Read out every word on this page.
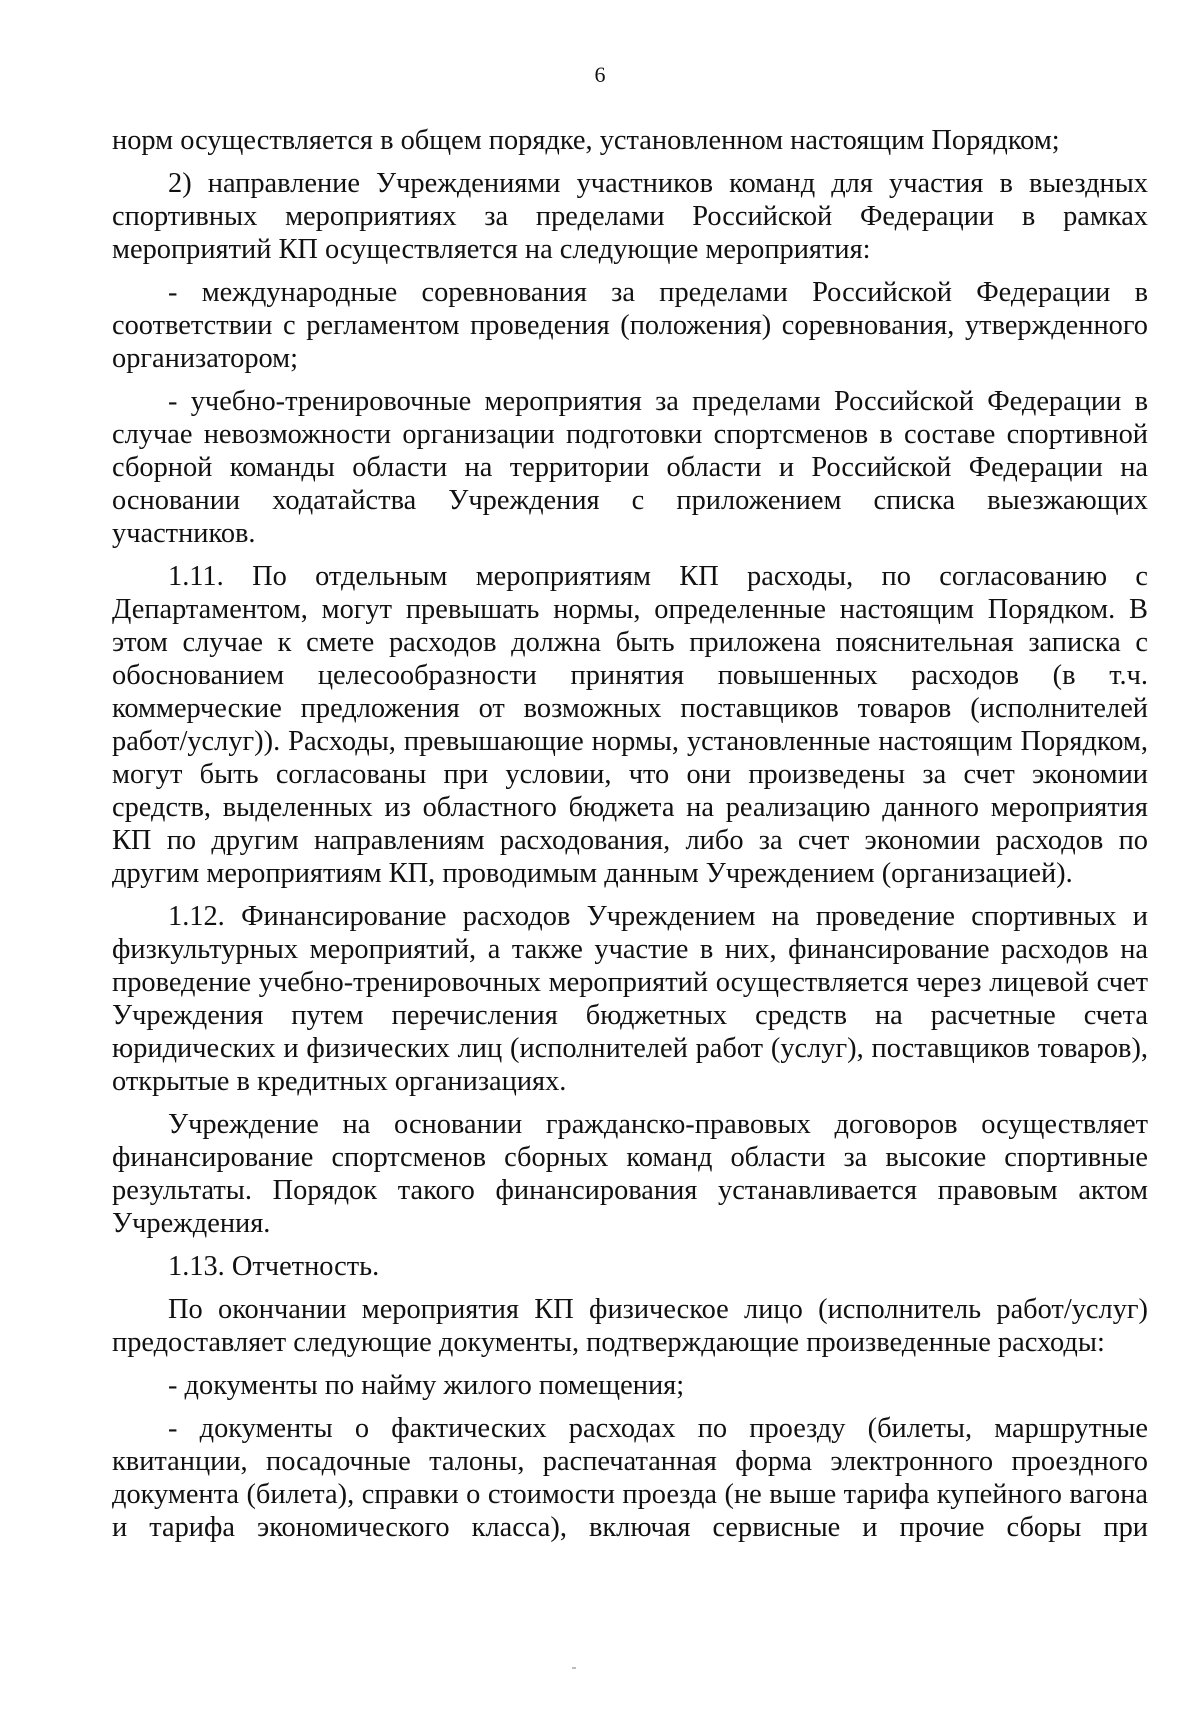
6

норм осуществляется в общем порядке, установленном настоящим Порядком;

2) направление Учреждениями участников команд для участия в выездных спортивных мероприятиях за пределами Российской Федерации в рамках мероприятий КП осуществляется на следующие мероприятия:

- международные соревнования за пределами Российской Федерации в соответствии с регламентом проведения (положения) соревнования, утвержденного организатором;

- учебно-тренировочные мероприятия за пределами Российской Федерации в случае невозможности организации подготовки спортсменов в составе спортивной сборной команды области на территории области и Российской Федерации на основании ходатайства Учреждения с приложением списка выезжающих участников.

1.11. По отдельным мероприятиям КП расходы, по согласованию с Департаментом, могут превышать нормы, определенные настоящим Порядком. В этом случае к смете расходов должна быть приложена пояснительная записка с обоснованием целесообразности принятия повышенных расходов (в т.ч. коммерческие предложения от возможных поставщиков товаров (исполнителей работ/услуг)). Расходы, превышающие нормы, установленные настоящим Порядком, могут быть согласованы при условии, что они произведены за счет экономии средств, выделенных из областного бюджета на реализацию данного мероприятия КП по другим направлениям расходования, либо за счет экономии расходов по другим мероприятиям КП, проводимым данным Учреждением (организацией).

1.12. Финансирование расходов Учреждением на проведение спортивных и физкультурных мероприятий, а также участие в них, финансирование расходов на проведение учебно-тренировочных мероприятий осуществляется через лицевой счет Учреждения путем перечисления бюджетных средств на расчетные счета юридических и физических лиц (исполнителей работ (услуг), поставщиков товаров), открытые в кредитных организациях.

Учреждение на основании гражданско-правовых договоров осуществляет финансирование спортсменов сборных команд области за высокие спортивные результаты. Порядок такого финансирования устанавливается правовым актом Учреждения.

1.13. Отчетность.

По окончании мероприятия КП физическое лицо (исполнитель работ/услуг) предоставляет следующие документы, подтверждающие произведенные расходы:

- документы по найму жилого помещения;

- документы о фактических расходах по проезду (билеты, маршрутные квитанции, посадочные талоны, распечатанная форма электронного проездного документа (билета), справки о стоимости проезда (не выше тарифа купейного вагона и тарифа экономического класса), включая сервисные и прочие сборы при
